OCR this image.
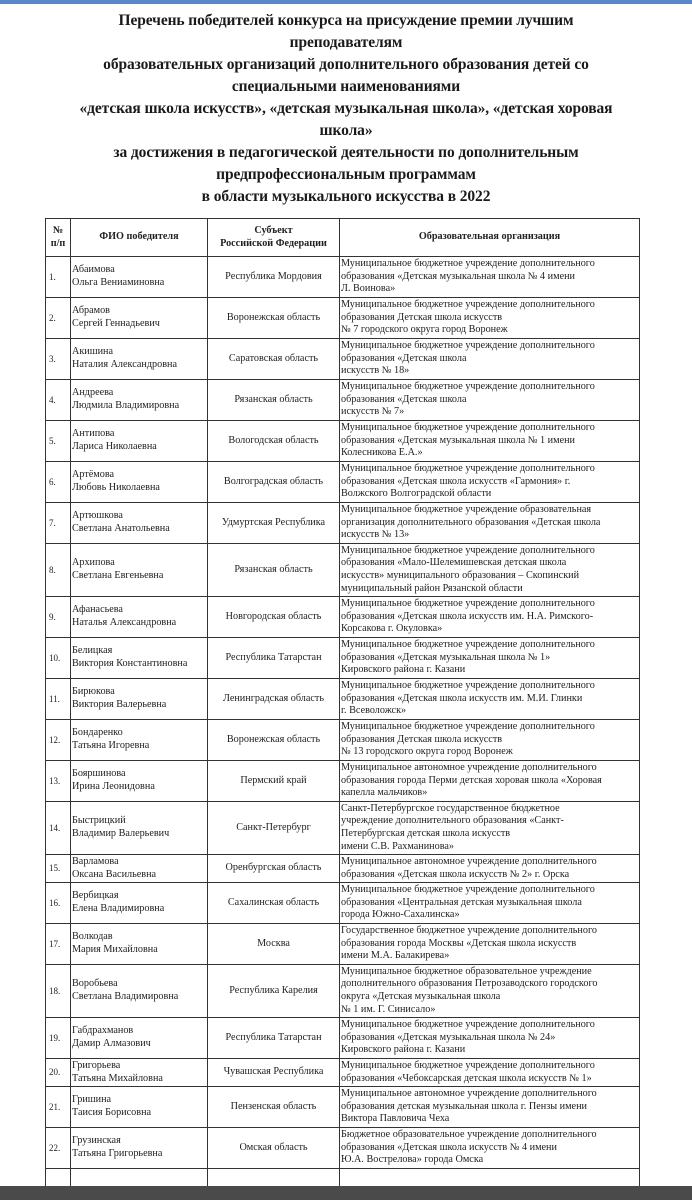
Перечень победителей конкурса на присуждение премии лучшим
преподавателям
образовательных организаций дополнительного образования детей со
специальными наименованиями
«детская школа искусств», «детская музыкальная школа», «детская хоровая
школа»
за достижения в педагогической деятельности по дополнительным
предпрофессиональным программам
в области музыкального искусства в 2022
№
п/п	ФИО победителя	Субъект
Российской Федерации	Образовательная организация
1.	Абаимова
Ольга Вениаминовна	Республика Мордовия	Муниципальное бюджетное учреждение дополнительного
образования «Детская музыкальная школа № 4 имени
Л. Воинова»

2.	Абрамов
Сергей Геннадьевич	Воронежская область	Муниципальное бюджетное учреждение дополнительного
образования Детская школа искусств
№ 7 городского округа город Воронеж

3.	Акишина
Наталия Александровна	Саратовская область	Муниципальное бюджетное учреждение дополнительного
образования «Детская школа
искусств № 18»

4.	Андреева
Людмила Владимировна	Рязанская область	Муниципальное бюджетное учреждение дополнительного
образования «Детская школа
искусств № 7»

5.	Антипова
Лариса Николаевна	Вологодская область	Муниципальное бюджетное учреждение дополнительного
образования «Детская музыкальная школа № 1 имени
Колесникова Е.А.»

6.	Артёмова
Любовь Николаевна	Волгоградская область	Муниципальное бюджетное учреждение дополнительного
образования «Детская школа искусств «Гармония» г.
Волжского Волгоградской области

7.	Артюшкова
Светлана Анатольевна	Удмуртская Республика	Муниципальное бюджетное учреждение образовательная
организация дополнительного образования «Детская школа
искусств № 13»

8.	Архипова
Светлана Евгеньевна	Рязанская область	Муниципальное бюджетное учреждение дополнительного
образования «Мало-Шелемишевская детская школа
искусств» муниципального образования – Скопинский
муниципальный район Рязанской области

9.	Афанасьева
Наталья Александровна	Новгородская область	Муниципальное бюджетное учреждение дополнительного
образования «Детская школа искусств им. Н.А. Римского-
Корсакова г. Окуловка»

10.	Белицкая
Виктория Константиновна	Республика Татарстан	Муниципальное бюджетное учреждение дополнительного
образования «Детская музыкальная школа № 1»
Кировского района г. Казани

11.	Бирюкова
Виктория Валерьевна	Ленинградская область	Муниципальное бюджетное учреждение дополнительного
образования «Детская школа искусств им. М.И. Глинки
г. Всеволожск»

12.	Бондаренко
Татьяна Игоревна	Воронежская область	Муниципальное бюджетное учреждение дополнительного
образования Детская школа искусств
№ 13 городского округа город Воронеж

13.	Бояршинова
Ирина Леонидовна	Пермский край	Муниципальное автономное учреждение дополнительного
образования города Перми детская хоровая школа «Хоровая
капелла мальчиков»

14.	Быстрицкий
Владимир Валерьевич	Санкт-Петербург	Санкт-Петербургское государственное бюджетное
учреждение дополнительного образования «Санкт-
Петербургская детская школа искусств
имени С.В. Рахманинова»

15.	Варламова
Оксана Васильевна	Оренбургская область	Муниципальное автономное учреждение дополнительного
образования «Детская школа искусств № 2» г. Орска

16.	Вербицкая
Елена Владимировна	Сахалинская область	Муниципальное бюджетное учреждение дополнительного
образования «Центральная детская музыкальная школа
города Южно-Сахалинска»

17.	Волкодав
Мария Михайловна	Москва	Государственное бюджетное учреждение дополнительного
образования города Москвы «Детская школа искусств
имени М.А. Балакирева»

18.	Воробьева
Светлана Владимировна	Республика Карелия	Муниципальное бюджетное образовательное учреждение
дополнительного образования Петрозаводского городского
округа «Детская музыкальная школа
№ 1 им. Г. Синисало»

19.	Габдрахманов
Дамир Алмазович	Республика Татарстан	Муниципальное бюджетное учреждение дополнительного
образования «Детская музыкальная школа № 24»
Кировского района г. Казани

20.	Григорьева
Татьяна Михайловна	Чувашская Республика	Муниципальное бюджетное учреждение дополнительного
образования «Чебоксарская детская школа искусств № 1»

21.	Гришина
Таисия Борисовна	Пензенская область	Муниципальное автономное учреждение дополнительного
образования детская музыкальная школа г. Пензы имени
Виктора Павловича Чеха

22.	Грузинская
Татьяна Григорьевна	Омская область	Бюджетное образовательное учреждение дополнительного
образования «Детская школа искусств № 4 имени
Ю.А. Вострелова» города Омска
